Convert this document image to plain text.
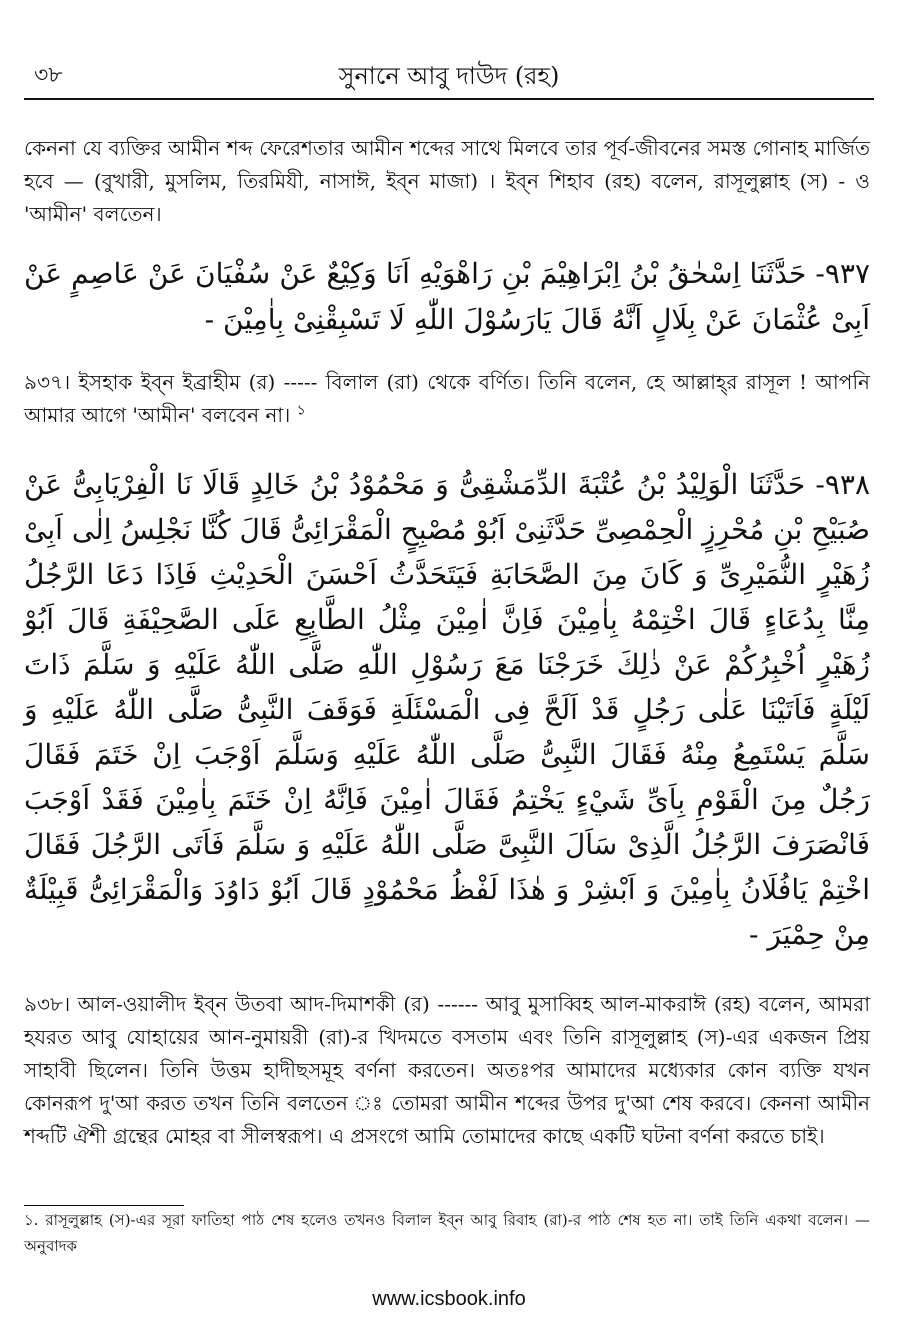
৩৮	সুনানে আবু দাউদ (রহ)

কেননা যে ব্যক্তির আমীন শব্দ ফেরেশতার আমীন শব্দের সাথে মিলবে তার পূর্ব-জীবনের সমস্ত গোনাহ মার্জিত হবে — (বুখারী, মুসলিম, তিরমিযী, নাসাঈ, ইব্ন মাজা) । ইব্ন শিহাব (রহ) বলেন, রাসূলুল্লাহ (স) - ও 'আমীন' বলতেন।

٩٣٧- حَدَّثَنَا اِسْحٰقُ بْنُ اِبْرَاهِيْمَ بْنِ رَاهْوَيْهِ اَنَا وَكِيْعٌ عَنْ سُفْيَانَ عَنْ عَاصِمٍ عَنْ اَبِىْ عُثْمَانَ عَنْ بِلَالٍ اَنَّهُ قَالَ يَارَسُوْلَ اللّٰهِ لَا تَسْبِقْنِىْ بِاٰمِيْنَ -

৯৩৭। ইসহাক ইব্ন ইব্রাহীম (র) ----- বিলাল (রা) থেকে বর্ণিত। তিনি বলেন, হে আল্লাহ্‌র রাসূল ! আপনি আমার আগে 'আমীন' বলবেন না। $^১$

٩٣٨- حَدَّثَنَا الْوَلِيْدُ بْنُ عُتْبَةَ الدِّمَشْقِىُّ وَ مَحْمُوْدُ بْنُ خَالِدٍ قَالَا نَا الْفِرْيَابِىُّ عَنْ صُبَيْحِ بْنِ مُحْرِزٍ الْحِمْصِىِّ حَدَّثَنِىْ اَبُوْ مُصْبِحٍ الْمَقْرَائِىُّ قَالَ كُنَّا نَجْلِسُ اِلٰى اَبِىْ زُهَيْرٍ النُّمَيْرِىِّ وَ كَانَ مِنَ الصَّحَابَةِ فَيَتَحَدَّثُ اَحْسَنَ الْحَدِيْثِ فَاِذَا دَعَا الرَّجُلُ مِنَّا بِدُعَاءٍ قَالَ اخْتِمْهُ بِاٰمِيْنَ فَاِنَّ اٰمِيْنَ مِثْلُ الطَّابِعِ عَلَى الصَّحِيْفَةِ قَالَ اَبُوْ زُهَيْرٍ اُخْبِرُكُمْ عَنْ ذٰلِكَ خَرَجْنَا مَعَ رَسُوْلِ اللّٰهِ صَلَّى اللّٰهُ عَلَيْهِ وَ سَلَّمَ ذَاتَ لَيْلَةٍ فَاَتَيْنَا عَلٰى رَجُلٍ قَدْ اَلَحَّ فِى الْمَسْئَلَةِ فَوَقَفَ النَّبِىُّ صَلَّى اللّٰهُ عَلَيْهِ وَ سَلَّمَ يَسْتَمِعُ مِنْهُ فَقَالَ النَّبِىُّ صَلَّى اللّٰهُ عَلَيْهِ وَسَلَّمَ اَوْجَبَ اِنْ خَتَمَ فَقَالَ رَجُلٌ مِنَ الْقَوْمِ بِاَىِّ شَيْءٍ يَخْتِمُ فَقَالَ اٰمِيْنَ فَاِنَّهُ اِنْ خَتَمَ بِاٰمِيْنَ فَقَدْ اَوْجَبَ فَانْصَرَفَ الرَّجُلُ الَّذِىْ سَاَلَ النَّبِىَّ صَلَّى اللّٰهُ عَلَيْهِ وَ سَلَّمَ فَاَتَى الرَّجُلَ فَقَالَ اخْتِمْ يَافُلَانُ بِاٰمِيْنَ وَ اَبْشِرْ وَ هٰذَا لَفْظُ مَحْمُوْدٍ قَالَ اَبُوْ دَاوُدَ وَالْمَقْرَائِىُّ قَبِيْلَةٌ مِنْ حِمْيَرَ -

৯৩৮। আল-ওয়ালীদ ইব্ন উতবা আদ-দিমাশকী (র) ------ আবু মুসাব্বিহ আল-মাকরাঈ (রহ) বলেন, আমরা হযরত আবু যোহায়ের আন-নুমায়রী (রা)-র খিদমতে বসতাম এবং তিনি রাসূলুল্লাহ (স)-এর একজন প্রিয় সাহাবী ছিলেন। তিনি উত্তম হাদীছসমূহ বর্ণনা করতেন। অতঃপর আমাদের মধ্যেকার কোন ব্যক্তি যখন কোনরূপ দু'আ করত তখন তিনি বলতেন ঃ তোমরা আমীন শব্দের উপর দু'আ শেষ করবে। কেননা আমীন শব্দটি ঐশী গ্রন্থের মোহর বা সীলস্বরূপ। এ প্রসংগে আমি তোমাদের কাছে একটি ঘটনা বর্ণনা করতে চাই।

১. রাসূলুল্লাহ (স)-এর সূরা ফাতিহা পাঠ শেষ হলেও তখনও বিলাল ইব্ন আবু রিবাহ (রা)-র পাঠ শেষ হত না। তাই তিনি একথা বলেন। — অনুবাদক

www.icsbook.info
